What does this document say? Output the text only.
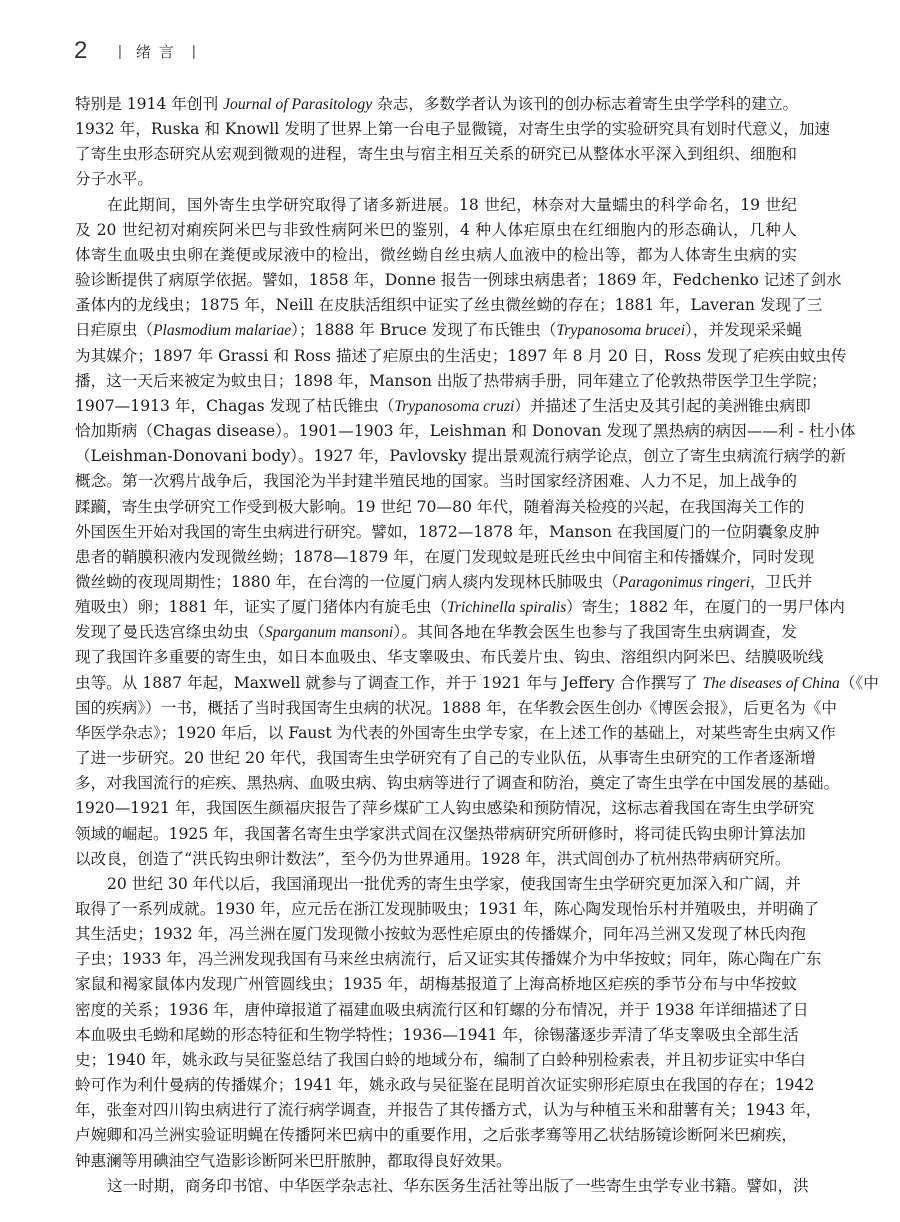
2	| 绪言 |
特别是 1914 年创刊 Journal of Parasitology 杂志，多数学者认为该刊的创办标志着寄生虫学学科的建立。
1932 年，Ruska 和 Knowll 发明了世界上第一台电子显微镜，对寄生虫学的实验研究具有划时代意义，加速
了寄生虫形态研究从宏观到微观的进程，寄生虫与宿主相互关系的研究已从整体水平深入到组织、细胞和
分子水平。
在此期间，国外寄生虫学研究取得了诸多新进展。18 世纪，林奈对大量蠕虫的科学命名，19 世纪
及 20 世纪初对痢疾阿米巴与非致性病阿米巴的鉴别，4 种人体疟原虫在红细胞内的形态确认，几种人
体寄生血吸虫虫卵在粪便或尿液中的检出，微丝蚴自丝虫病人血液中的检出等，都为人体寄生虫病的实
验诊断提供了病原学依据。譬如，1858 年，Donne 报告一例球虫病患者；1869 年，Fedchenko 记述了剑水
蚤体内的龙线虫；1875 年，Neill 在皮肤活组织中证实了丝虫微丝蚴的存在；1881 年，Laveran 发现了三
日疟原虫（Plasmodium malariae）；1888 年 Bruce 发现了布氏锥虫（Trypanosoma brucei），并发现采采蝇
为其媒介；1897 年 Grassi 和 Ross 描述了疟原虫的生活史；1897 年 8 月 20 日，Ross 发现了疟疾由蚊虫传
播，这一天后来被定为蚊虫日；1898 年，Manson 出版了热带病手册，同年建立了伦敦热带医学卫生学院；
1907—1913 年，Chagas 发现了枯氏锥虫（Trypanosoma cruzi）并描述了生活史及其引起的美洲锥虫病即
恰加斯病（Chagas disease）。1901—1903 年，Leishman 和 Donovan 发现了黑热病的病因——利 - 杜小体
（Leishman-Donovani body）。1927 年，Pavlovsky 提出景观流行病学论点，创立了寄生虫病流行病学的新
概念。第一次鸦片战争后，我国沦为半封建半殖民地的国家。当时国家经济困难、人力不足，加上战争的
蹂躏，寄生虫学研究工作受到极大影响。19 世纪 70—80 年代，随着海关检疫的兴起，在我国海关工作的
外国医生开始对我国的寄生虫病进行研究。譬如，1872—1878 年，Manson 在我国厦门的一位阴囊象皮肿
患者的鞘膜积液内发现微丝蚴；1878—1879 年，在厦门发现蚊是班氏丝虫中间宿主和传播媒介，同时发现
微丝蚴的夜现周期性；1880 年，在台湾的一位厦门病人痰内发现林氏肺吸虫（Paragonimus ringeri，卫氏并
殖吸虫）卵；1881 年，证实了厦门猪体内有旋毛虫（Trichinella spiralis）寄生；1882 年，在厦门的一男尸体内
发现了曼氏迭宫绦虫幼虫（Sparganum mansoni）。其间各地在华教会医生也参与了我国寄生虫病调查，发
现了我国许多重要的寄生虫，如日本血吸虫、华支睾吸虫、布氏姜片虫、钩虫、溶组织内阿米巴、结膜吸吮线
虫等。从 1887 年起，Maxwell 就参与了调查工作，并于 1921 年与 Jeffery 合作撰写了 The diseases of China（《中
国的疾病》）一书，概括了当时我国寄生虫病的状况。1888 年，在华教会医生创办《博医会报》，后更名为《中
华医学杂志》；1920 年后，以 Faust 为代表的外国寄生虫学专家，在上述工作的基础上，对某些寄生虫病又作
了进一步研究。20 世纪 20 年代，我国寄生虫学研究有了自己的专业队伍，从事寄生虫研究的工作者逐渐增
多，对我国流行的疟疾、黑热病、血吸虫病、钩虫病等进行了调查和防治，奠定了寄生虫学在中国发展的基础。
1920—1921 年，我国医生颜福庆报告了萍乡煤矿工人钩虫感染和预防情况，这标志着我国在寄生虫学研究
领域的崛起。1925 年，我国著名寄生虫学家洪式闾在汉堡热带病研究所研修时，将司徒氏钩虫卵计算法加
以改良，创造了“洪氏钩虫卵计数法”，至今仍为世界通用。1928 年，洪式闾创办了杭州热带病研究所。
20 世纪 30 年代以后，我国涌现出一批优秀的寄生虫学家，使我国寄生虫学研究更加深入和广阔，并
取得了一系列成就。1930 年，应元岳在浙江发现肺吸虫；1931 年，陈心陶发现怡乐村并殖吸虫，并明确了
其生活史；1932 年，冯兰洲在厦门发现微小按蚊为恶性疟原虫的传播媒介，同年冯兰洲又发现了林氏肉孢
子虫；1933 年，冯兰洲发现我国有马来丝虫病流行，后又证实其传播媒介为中华按蚊；同年，陈心陶在广东
家鼠和褐家鼠体内发现广州管圆线虫；1935 年，胡梅基报道了上海高桥地区疟疾的季节分布与中华按蚊
密度的关系；1936 年，唐仲璋报道了福建血吸虫病流行区和钉螺的分布情况，并于 1938 年详细描述了日
本血吸虫毛蚴和尾蚴的形态特征和生物学特性；1936—1941 年，徐锡藩逐步弄清了华支睾吸虫全部生活
史；1940 年，姚永政与吴征鉴总结了我国白蛉的地域分布，编制了白蛉种别检索表，并且初步证实中华白
蛉可作为利什曼病的传播媒介；1941 年，姚永政与吴征鉴在昆明首次证实卵形疟原虫在我国的存在；1942
年，张奎对四川钩虫病进行了流行病学调查，并报告了其传播方式，认为与种植玉米和甜薯有关；1943 年，
卢婉卿和冯兰洲实验证明蝇在传播阿米巴病中的重要作用，之后张孝骞等用乙状结肠镜诊断阿米巴痢疾，
钟惠澜等用碘油空气造影诊断阿米巴肝脓肿，都取得良好效果。
这一时期，商务印书馆、中华医学杂志社、华东医务生活社等出版了一些寄生虫学专业书籍。譬如，洪
